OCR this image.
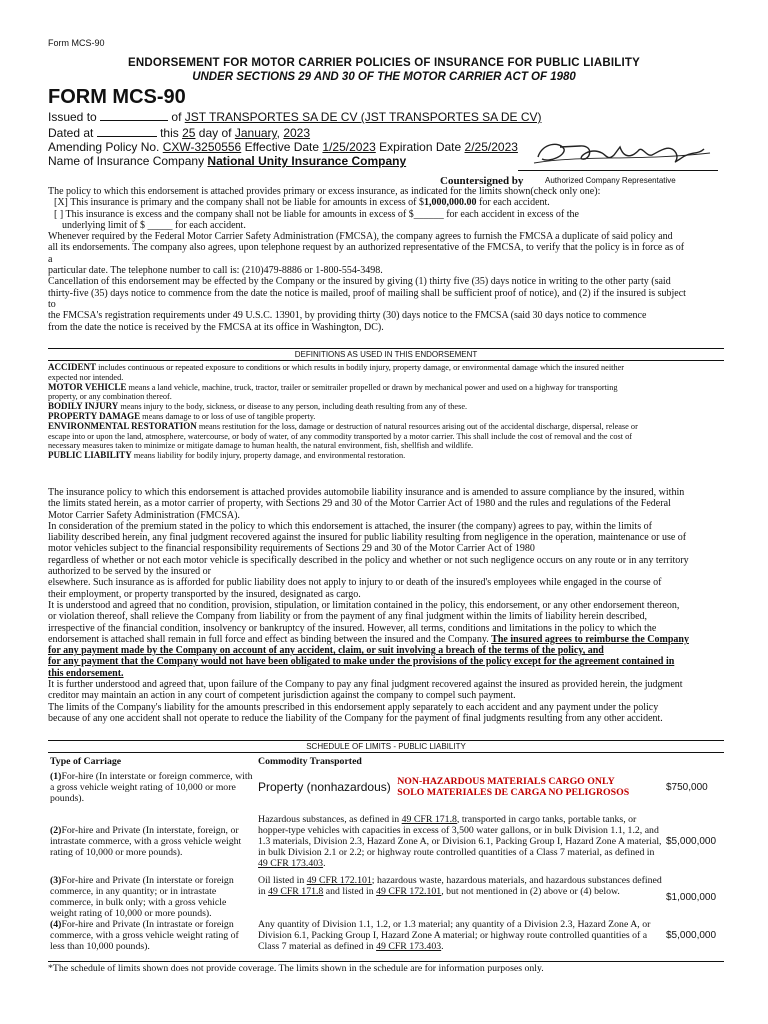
Form MCS-90
ENDORSEMENT FOR MOTOR CARRIER POLICIES OF INSURANCE FOR PUBLIC LIABILITY
UNDER SECTIONS 29 AND 30 OF THE MOTOR CARRIER ACT OF 1980
FORM MCS-90
Issued to	of JST TRANSPORTES SA DE CV (JST TRANSPORTES SA DE CV)
Dated at	this 25 day of January, 2023
Amending Policy No. CXW-3250556 Effective Date 1/25/2023 Expiration Date 2/25/2023
Name of Insurance Company National Unity Insurance Company
Countersigned by	Authorized Company Representative

The policy to which this endorsement is attached provides primary or excess insurance, as indicated for the limits shown(check only one):

[X] This insurance is primary and the company shall not be liable for amounts in excess of $1,000,000.00 for each accident.

[ ] This insurance is excess and the company shall not be liable for amounts in excess of $______ for each accident in excess of the

underlying limit of $ _____ for each accident.

Whenever required by the Federal Motor Carrier Safety Administration (FMCSA), the company agrees to furnish the FMCSA a duplicate of said policy and

all its endorsements. The company also agrees, upon telephone request by an authorized representative of the FMCSA, to verify that the policy is in force as of

a

particular date. The telephone number to call is: (210)479-8886 or 1-800-554-3498.

Cancellation of this endorsement may be effected by the Company or the insured by giving (1) thirty five (35) days notice in writing to the other party (said

thirty-five (35) days notice to commence from the date the notice is mailed, proof of mailing shall be sufficient proof of notice), and (2) if the insured is subject

to

the FMCSA's registration requirements under 49 U.S.C. 13901, by providing thirty (30) days notice to the FMCSA (said 30 days notice to commence

from the date the notice is received by the FMCSA at its office in Washington, DC).

DEFINITIONS AS USED IN THIS ENDORSEMENT

ACCIDENT includes continuous or repeated exposure to conditions or which results in bodily injury, property damage, or environmental damage which the insured neither

expected nor intended.

MOTOR VEHICLE means a land vehicle, machine, truck, tractor, trailer or semitrailer propelled or drawn by mechanical power and used on a highway for transporting

property, or any combination thereof.

BODILY INJURY means injury to the body, sickness, or disease to any person, including death resulting from any of these.

PROPERTY DAMAGE means damage to or loss of use of tangible property.

ENVIRONMENTAL RESTORATION means restitution for the loss, damage or destruction of natural resources arising out of the accidental discharge, dispersal, release or

escape into or upon the land, atmosphere, watercourse, or body of water, of any commodity transported by a motor carrier. This shall include the cost of removal and the cost of

necessary measures taken to minimize or mitigate damage to human health, the natural environment, fish, shellfish and wildlife.

PUBLIC LIABILITY means liability for bodily injury, property damage, and environmental restoration.

The insurance policy to which this endorsement is attached provides automobile liability insurance and is amended to assure compliance by the insured, within

the limits stated herein, as a motor carrier of property, with Sections 29 and 30 of the Motor Carrier Act of 1980 and the rules and regulations of the Federal

Motor Carrier Safety Administration (FMCSA).

In consideration of the premium stated in the policy to which this endorsement is attached, the insurer (the company) agrees to pay, within the limits of

liability described herein, any final judgment recovered against the insured for public liability resulting from negligence in the operation, maintenance or use of

motor vehicles subject to the financial responsibility requirements of Sections 29 and 30 of the Motor Carrier Act of 1980

regardless of whether or not each motor vehicle is specifically described in the policy and whether or not such negligence occurs on any route or in any territory

authorized to be served by the insured or

elsewhere. Such insurance as is afforded for public liability does not apply to injury to or death of the insured's employees while engaged in the course of

their employment, or property transported by the insured, designated as cargo.

It is understood and agreed that no condition, provision, stipulation, or limitation contained in the policy, this endorsement, or any other endorsement thereon,

or violation thereof, shall relieve the Company from liability or from the payment of any final judgment within the limits of liability herein described,

irrespective of the financial condition, insolvency or bankruptcy of the insured. However, all terms, conditions and limitations in the policy to which the

endorsement is attached shall remain in full force and effect as binding between the insured and the Company. The insured agrees to reimburse the Company

for any payment made by the Company on account of any accident, claim, or suit involving a breach of the terms of the policy, and

for any payment that the Company would not have been obligated to make under the provisions of the policy except for the agreement contained in

this endorsement.

It is further understood and agreed that, upon failure of the Company to pay any final judgment recovered against the insured as provided herein, the judgment

creditor may maintain an action in any court of competent jurisdiction against the company to compel such payment.

The limits of the Company's liability for the amounts prescribed in this endorsement apply separately to each accident and any payment under the policy

because of any one accident shall not operate to reduce the liability of the Company for the payment of final judgments resulting from any other accident.

SCHEDULE OF LIMITS - PUBLIC LIABILITY
Type of Carriage	Commodity Transported	
(1)For-hire (In interstate or foreign commerce, with a gross vehicle weight rating of 10,000 or more pounds).	Property (nonhazardous) NON-HAZARDOUS MATERIALS CARGO ONLY
SOLO MATERIALES DE CARGA NO PELIGROSOS	$750,000
(2)For-hire and Private (In interstate, foreign, or intrastate commerce, with a gross vehicle weight rating of 10,000 or more pounds).	Hazardous substances, as defined in 49 CFR 171.8, transported in cargo tanks, portable tanks, or hopper-type vehicles with capacities in excess of 3,500 water gallons, or in bulk Division 1.1, 1.2, and 1.3 materials, Division 2.3, Hazard Zone A, or Division 6.1, Packing Group I, Hazard Zone A material, in bulk Division 2.1 or 2.2; or highway route controlled quantities of a Class 7 material, as defined in 49 CFR 173.403.	$5,000,000
(3)For-hire and Private (In interstate or foreign commerce, in any quantity; or in intrastate commerce, in bulk only; with a gross vehicle weight rating of 10,000 or more pounds).	Oil listed in 49 CFR 172.101; hazardous waste, hazardous materials, and hazardous substances defined in 49 CFR 171.8 and listed in 49 CFR 172.101, but not mentioned in (2) above or (4) below.	$1,000,000
(4)For-hire and Private (In intrastate or foreign commerce, with a gross vehicle weight rating of less than 10,000 pounds).	Any quantity of Division 1.1, 1.2, or 1.3 material; any quantity of a Division 2.3, Hazard Zone A, or Division 6.1, Packing Group I, Hazard Zone A material; or highway route controlled quantities of a Class 7 material as defined in 49 CFR 173.403.	$5,000,000
*The schedule of limits shown does not provide coverage. The limits shown in the schedule are for information purposes only.
